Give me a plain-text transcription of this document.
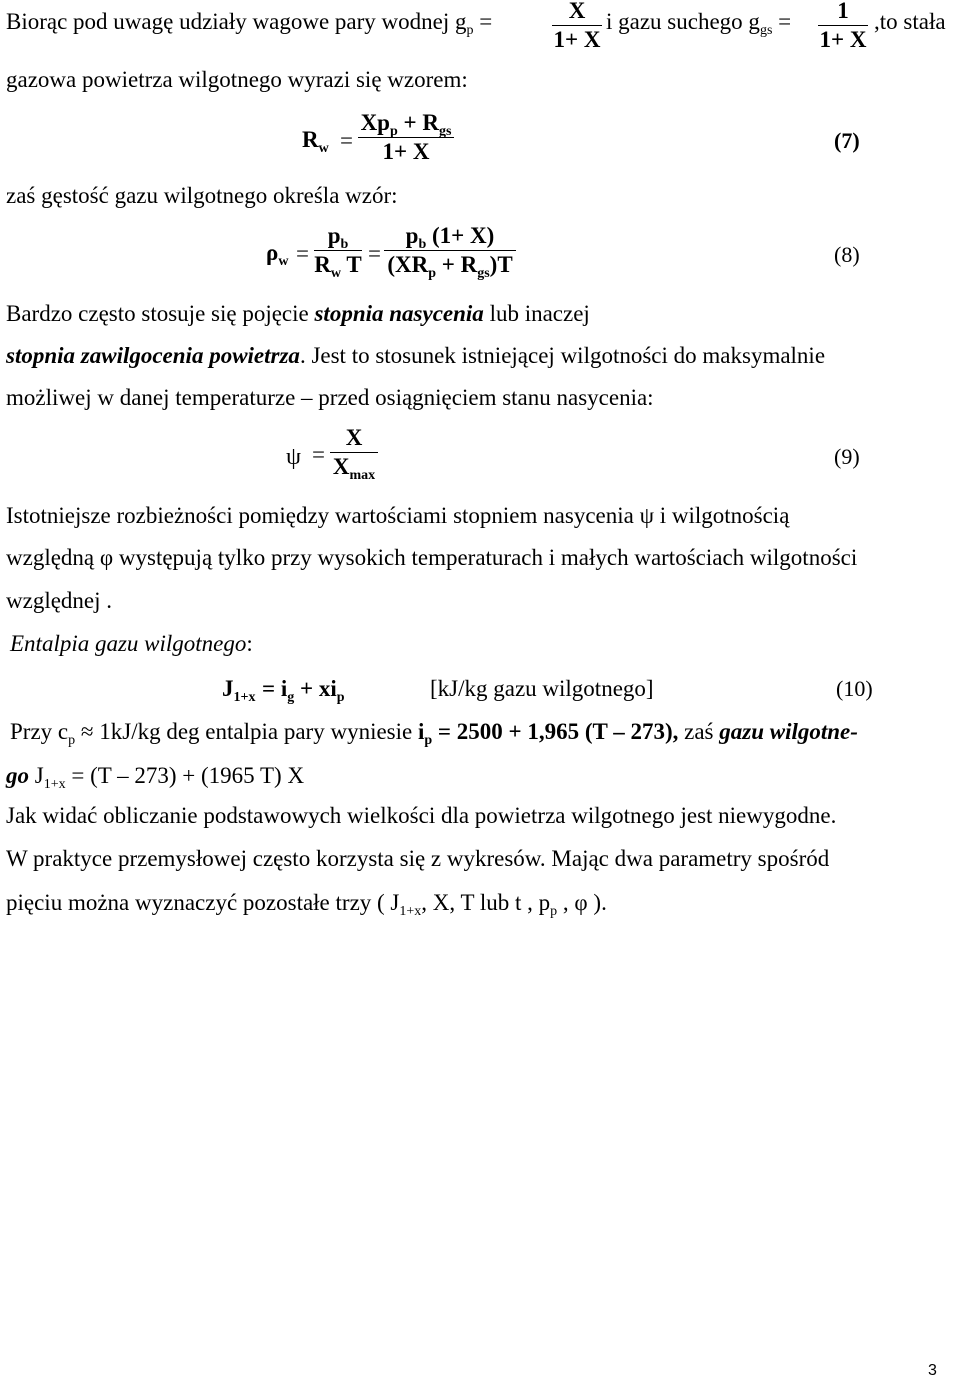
Biorąc pod uwagę udziały wagowe pary wodnej $g_p$ =	X
1+ X
i gazu suchego $g_{gs}$ =	1
1+ X
,to stała
gazowa powietrza wilgotnego wyrazi się wzorem:
$R_w$ =
$Xp_p + R_{gs}$
1+ X	(7)
zaś gęstość gazu wilgotnego określa wzór:
$\rho_w$ =
$p_b$
$R_w$ T =
$p_b$ (1+ X)
$(XR_p + R_{gs})T$	(8)
Bardzo często stosuje się pojęcie stopnia nasycenia lub inaczej
stopnia zawilgocenia powietrza. Jest to stosunek istniejącej wilgotności do maksymalnie
możliwej w danej temperaturze – przed osiągnięciem stanu nasycenia:
ψ =
X
$X_{max}$
(9)
Istotniejsze rozbieżności pomiędzy wartościami stopniem nasycenia ψ i wilgotnością
względną φ występują tylko przy wysokich temperaturach i małych wartościach wilgotności
względnej .
Entalpia gazu wilgotnego:
$J_{1+x} = i_g + xi_p$	[kJ/kg gazu wilgotnego]	(10)
Przy $c_p \approx 1kJ/kg$ deg entalpia pary wyniesie $i_p = 2500 + 1,965$ (T – 273), zaś gazu wilgotne-
go $J_{1+x} = (T - 273) + (1965$ T) X
Jak widać obliczanie podstawowych wielkości dla powietrza wilgotnego jest niewygodne.
W praktyce przemysłowej często korzysta się z wykresów. Mając dwa parametry spośród
pięciu można wyznaczyć pozostałe trzy ( $J_{1+x}$, X, T lub t , $p_p$ , φ ).
3
